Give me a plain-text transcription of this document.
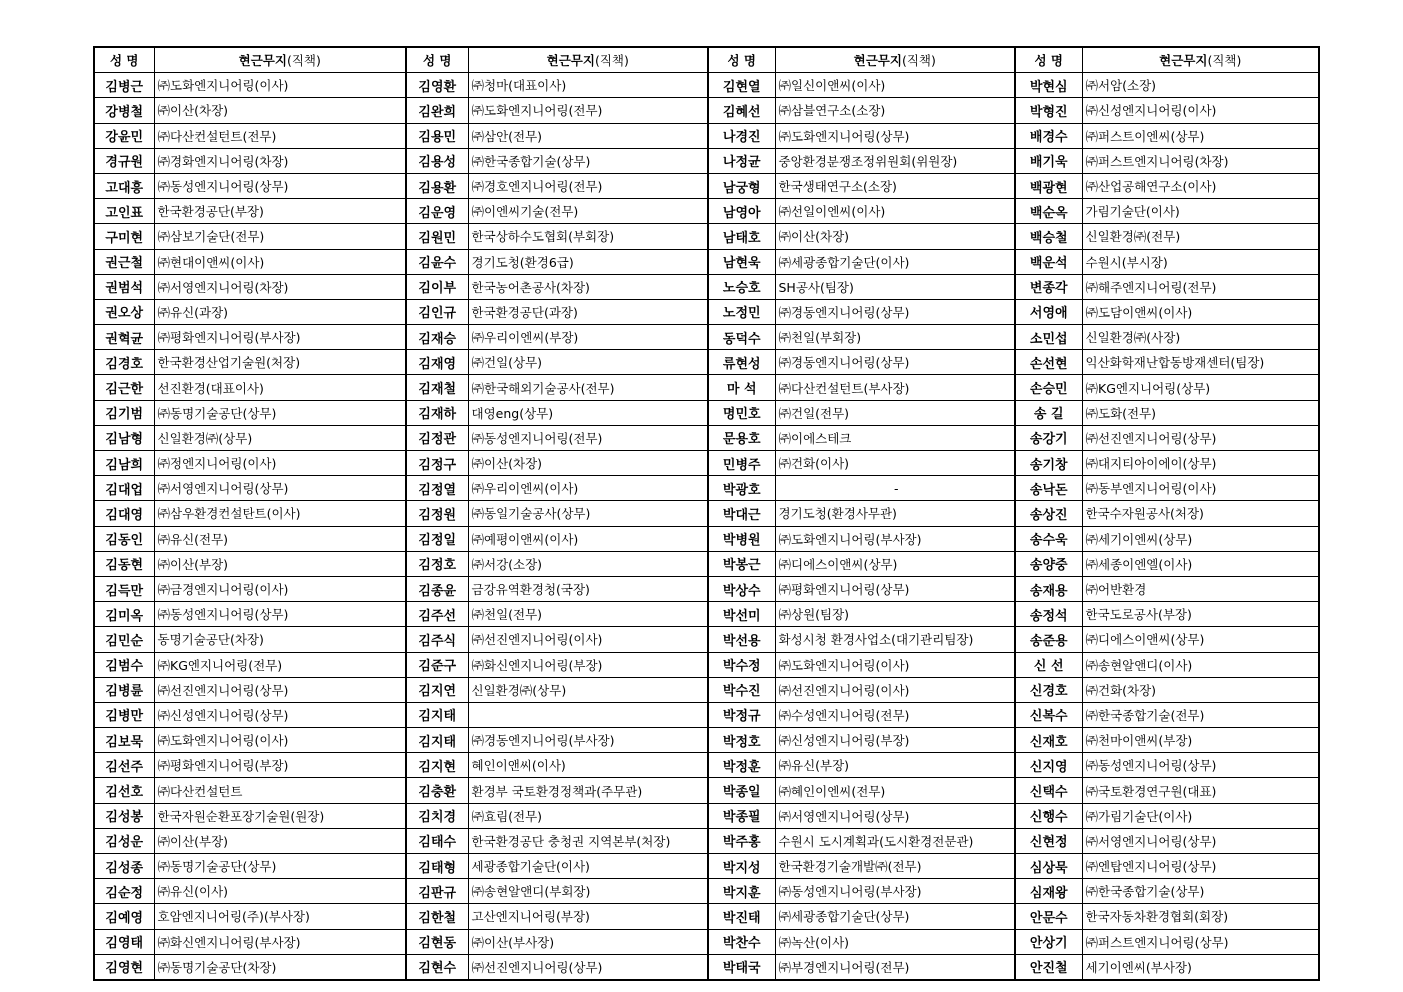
성 명	현근무지(직책)	성 명	현근무지(직책)	성 명	현근무지(직책)	성 명	현근무지(직책)
김병근	㈜도화엔지니어링(이사)	김영환	㈜청마(대표이사)	김현열	㈜일신이앤씨(이사)	박현심	㈜서암(소장)
강병철	㈜이산(차장)	김완희	㈜도화엔지니어링(전무)	김혜선	㈜삼블연구소(소장)	박형진	㈜신성엔지니어링(이사)
강윤민	㈜다산컨설턴트(전무)	김용민	㈜삼안(전무)	나경진	㈜도화엔지니어링(상무)	배경수	㈜퍼스트이엔씨(상무)
경규원	㈜경화엔지니어링(차장)	김용성	㈜한국종합기술(상무)	나정균	중앙환경분쟁조정위원회(위원장)	배기욱	㈜퍼스트엔지니어링(차장)
고대흥	㈜동성엔지니어링(상무)	김용환	㈜경호엔지니어링(전무)	남궁형	한국생태연구소(소장)	백광현	㈜산업공해연구소(이사)
고인표	한국환경공단(부장)	김운영	㈜이엔씨기술(전무)	남영아	㈜선일이엔씨(이사)	백순옥	가림기술단(이사)
구미현	㈜삼보기술단(전무)	김원민	한국상하수도협회(부회장)	남태호	㈜이산(차장)	백승철	신일환경㈜(전무)
권근철	㈜현대이앤씨(이사)	김윤수	경기도청(환경6급)	남현욱	㈜세광종합기술단(이사)	백운석	수원시(부시장)
권범석	㈜서영엔지니어링(차장)	김이부	한국농어촌공사(차장)	노승호	SH공사(팀장)	변종각	㈜해주엔지니어링(전무)
권오상	㈜유신(과장)	김인규	한국환경공단(과장)	노정민	㈜경동엔지니어링(상무)	서영애	㈜도담이앤씨(이사)
권혁균	㈜평화엔지니어링(부사장)	김재승	㈜우리이엔씨(부장)	동덕수	㈜천일(부회장)	소민섭	신일환경㈜(사장)
김경호	한국환경산업기술원(처장)	김재영	㈜건일(상무)	류현성	㈜경동엔지니어링(상무)	손선현	익산화학재난합동방재센터(팀장)
김근한	선진환경(대표이사)	김재철	㈜한국해외기술공사(전무)	마 석	㈜다산컨설턴트(부사장)	손승민	㈜KG엔지니어링(상무)
김기범	㈜동명기술공단(상무)	김재하	대영eng(상무)	명민호	㈜건일(전무)	송 길	㈜도화(전무)
김남형	신일환경㈜(상무)	김정관	㈜동성엔지니어링(전무)	문용호	㈜이에스테크	송강기	㈜선진엔지니어링(상무)
김남희	㈜정엔지니어링(이사)	김정구	㈜이산(차장)	민병주	㈜건화(이사)	송기창	㈜대지티아이에이(상무)
김대업	㈜서영엔지니어링(상무)	김정열	㈜우리이엔씨(이사)	박광호	-	송낙돈	㈜동부엔지니어링(이사)
김대영	㈜삼우환경컨설탄트(이사)	김정원	㈜동일기술공사(상무)	박대근	경기도청(환경사무관)	송상진	한국수자원공사(처장)
김동인	㈜유신(전무)	김정일	㈜예평이앤씨(이사)	박병원	㈜도화엔지니어링(부사장)	송수욱	㈜세기이엔씨(상무)
김동현	㈜이산(부장)	김정호	㈜서강(소장)	박봉근	㈜디에스이앤씨(상무)	송양중	㈜세종이엔엘(이사)
김득만	㈜금경엔지니어링(이사)	김종윤	금강유역환경청(국장)	박상수	㈜평화엔지니어링(상무)	송재용	㈜어반환경
김미옥	㈜동성엔지니어링(상무)	김주선	㈜천일(전무)	박선미	㈜상원(팀장)	송정석	한국도로공사(부장)
김민순	동명기술공단(차장)	김주식	㈜선진엔지니어링(이사)	박선용	화성시청 환경사업소(대기관리팀장)	송준용	㈜디에스이앤씨(상무)
김범수	㈜KG엔지니어링(전무)	김준구	㈜화신엔지니어링(부장)	박수정	㈜도화엔지니어링(이사)	신 선	㈜송현알앤디(이사)
김병륜	㈜선진엔지니어링(상무)	김지연	신일환경㈜(상무)	박수진	㈜선진엔지니어링(이사)	신경호	㈜건화(차장)
김병만	㈜신성엔지니어링(상무)	김지태		박정규	㈜수성엔지니어링(전무)	신복수	㈜한국종합기술(전무)
김보묵	㈜도화엔지니어링(이사)	김지태	㈜경동엔지니어링(부사장)	박정호	㈜신성엔지니어링(부장)	신재호	㈜천마이앤씨(부장)
김선주	㈜평화엔지니어링(부장)	김지현	혜인이앤씨(이사)	박정훈	㈜유신(부장)	신지영	㈜동성엔지니어링(상무)
김선호	㈜다산컨설턴트	김충환	환경부 국토환경정책과(주무관)	박종일	㈜혜인이엔씨(전무)	신택수	㈜국토환경연구원(대표)
김성봉	한국자원순환포장기술원(원장)	김치경	㈜효림(전무)	박종필	㈜서영엔지니어링(상무)	신행수	㈜가림기술단(이사)
김성운	㈜이산(부장)	김태수	한국환경공단 충청권 지역본부(처장)	박주홍	수원시 도시계획과(도시환경전문관)	신현정	㈜서영엔지니어링(상무)
김성종	㈜동명기술공단(상무)	김태형	세광종합기술단(이사)	박지성	한국환경기술개발㈜(전무)	심상묵	㈜엔탑엔지니어링(상무)
김순정	㈜유신(이사)	김판규	㈜송현알앤디(부회장)	박지훈	㈜동성엔지니어링(부사장)	심재왕	㈜한국종합기술(상무)
김예영	호암엔지니어링(주)(부사장)	김한철	고산엔지니어링(부장)	박진태	㈜세광종합기술단(상무)	안문수	한국자동차환경협회(회장)
김영태	㈜화신엔지니어링(부사장)	김현동	㈜이산(부사장)	박찬수	㈜녹산(이사)	안상기	㈜퍼스트엔지니어링(상무)
김영현	㈜동명기술공단(차장)	김현수	㈜선진엔지니어링(상무)	박태국	㈜부경엔지니어링(전무)	안진철	세기이엔씨(부사장)
